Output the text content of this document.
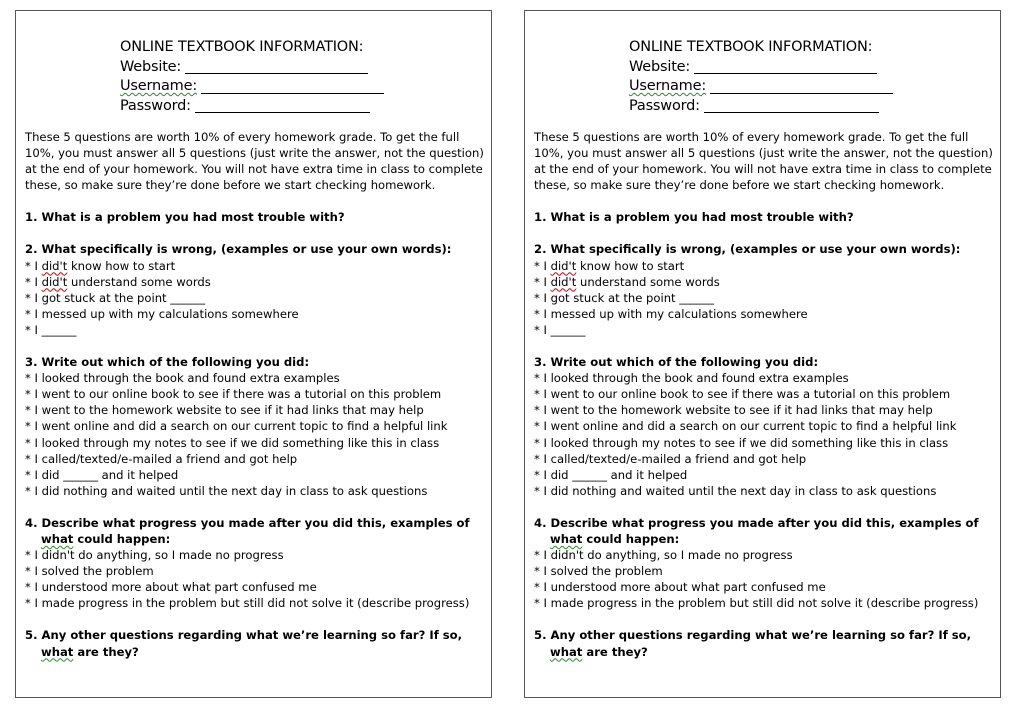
ONLINE TEXTBOOK INFORMATION:
Website:
Username:
Password:

These 5 questions are worth 10% of every homework grade. To get the full 10%, you must answer all 5 questions (just write the answer, not the question) at the end of your homework. You will not have extra time in class to complete these, so make sure they’re done before we start checking homework.

1. What is a problem you had most trouble with?

2. What specifically is wrong, (examples or use your own words):

* I did't know how to start

* I did't understand some words

* I got stuck at the point ______

* I messed up with my calculations somewhere

* I ______

3. Write out which of the following you did:

* I looked through the book and found extra examples

* I went to our online book to see if there was a tutorial on this problem

* I went to the homework website to see if it had links that may help

* I went online and did a search on our current topic to find a helpful link

* I looked through my notes to see if we did something like this in class

* I called/texted/e-mailed a friend and got help

* I did ______ and it helped

* I did nothing and waited until the next day in class to ask questions

4. Describe what progress you made after you did this, examples of
what could happen:

* I didn't do anything, so I made no progress

* I solved the problem

* I understood more about what part confused me

* I made progress in the problem but still did not solve it (describe progress)

5. Any other questions regarding what we’re learning so far? If so,
what are they?

ONLINE TEXTBOOK INFORMATION:
Website:
Username:
Password:

These 5 questions are worth 10% of every homework grade. To get the full 10%, you must answer all 5 questions (just write the answer, not the question) at the end of your homework. You will not have extra time in class to complete these, so make sure they’re done before we start checking homework.

1. What is a problem you had most trouble with?

2. What specifically is wrong, (examples or use your own words):

* I did't know how to start

* I did't understand some words

* I got stuck at the point ______

* I messed up with my calculations somewhere

* I ______

3. Write out which of the following you did:

* I looked through the book and found extra examples

* I went to our online book to see if there was a tutorial on this problem

* I went to the homework website to see if it had links that may help

* I went online and did a search on our current topic to find a helpful link

* I looked through my notes to see if we did something like this in class

* I called/texted/e-mailed a friend and got help

* I did ______ and it helped

* I did nothing and waited until the next day in class to ask questions

4. Describe what progress you made after you did this, examples of
what could happen:

* I didn't do anything, so I made no progress

* I solved the problem

* I understood more about what part confused me

* I made progress in the problem but still did not solve it (describe progress)

5. Any other questions regarding what we’re learning so far? If so,
what are they?
